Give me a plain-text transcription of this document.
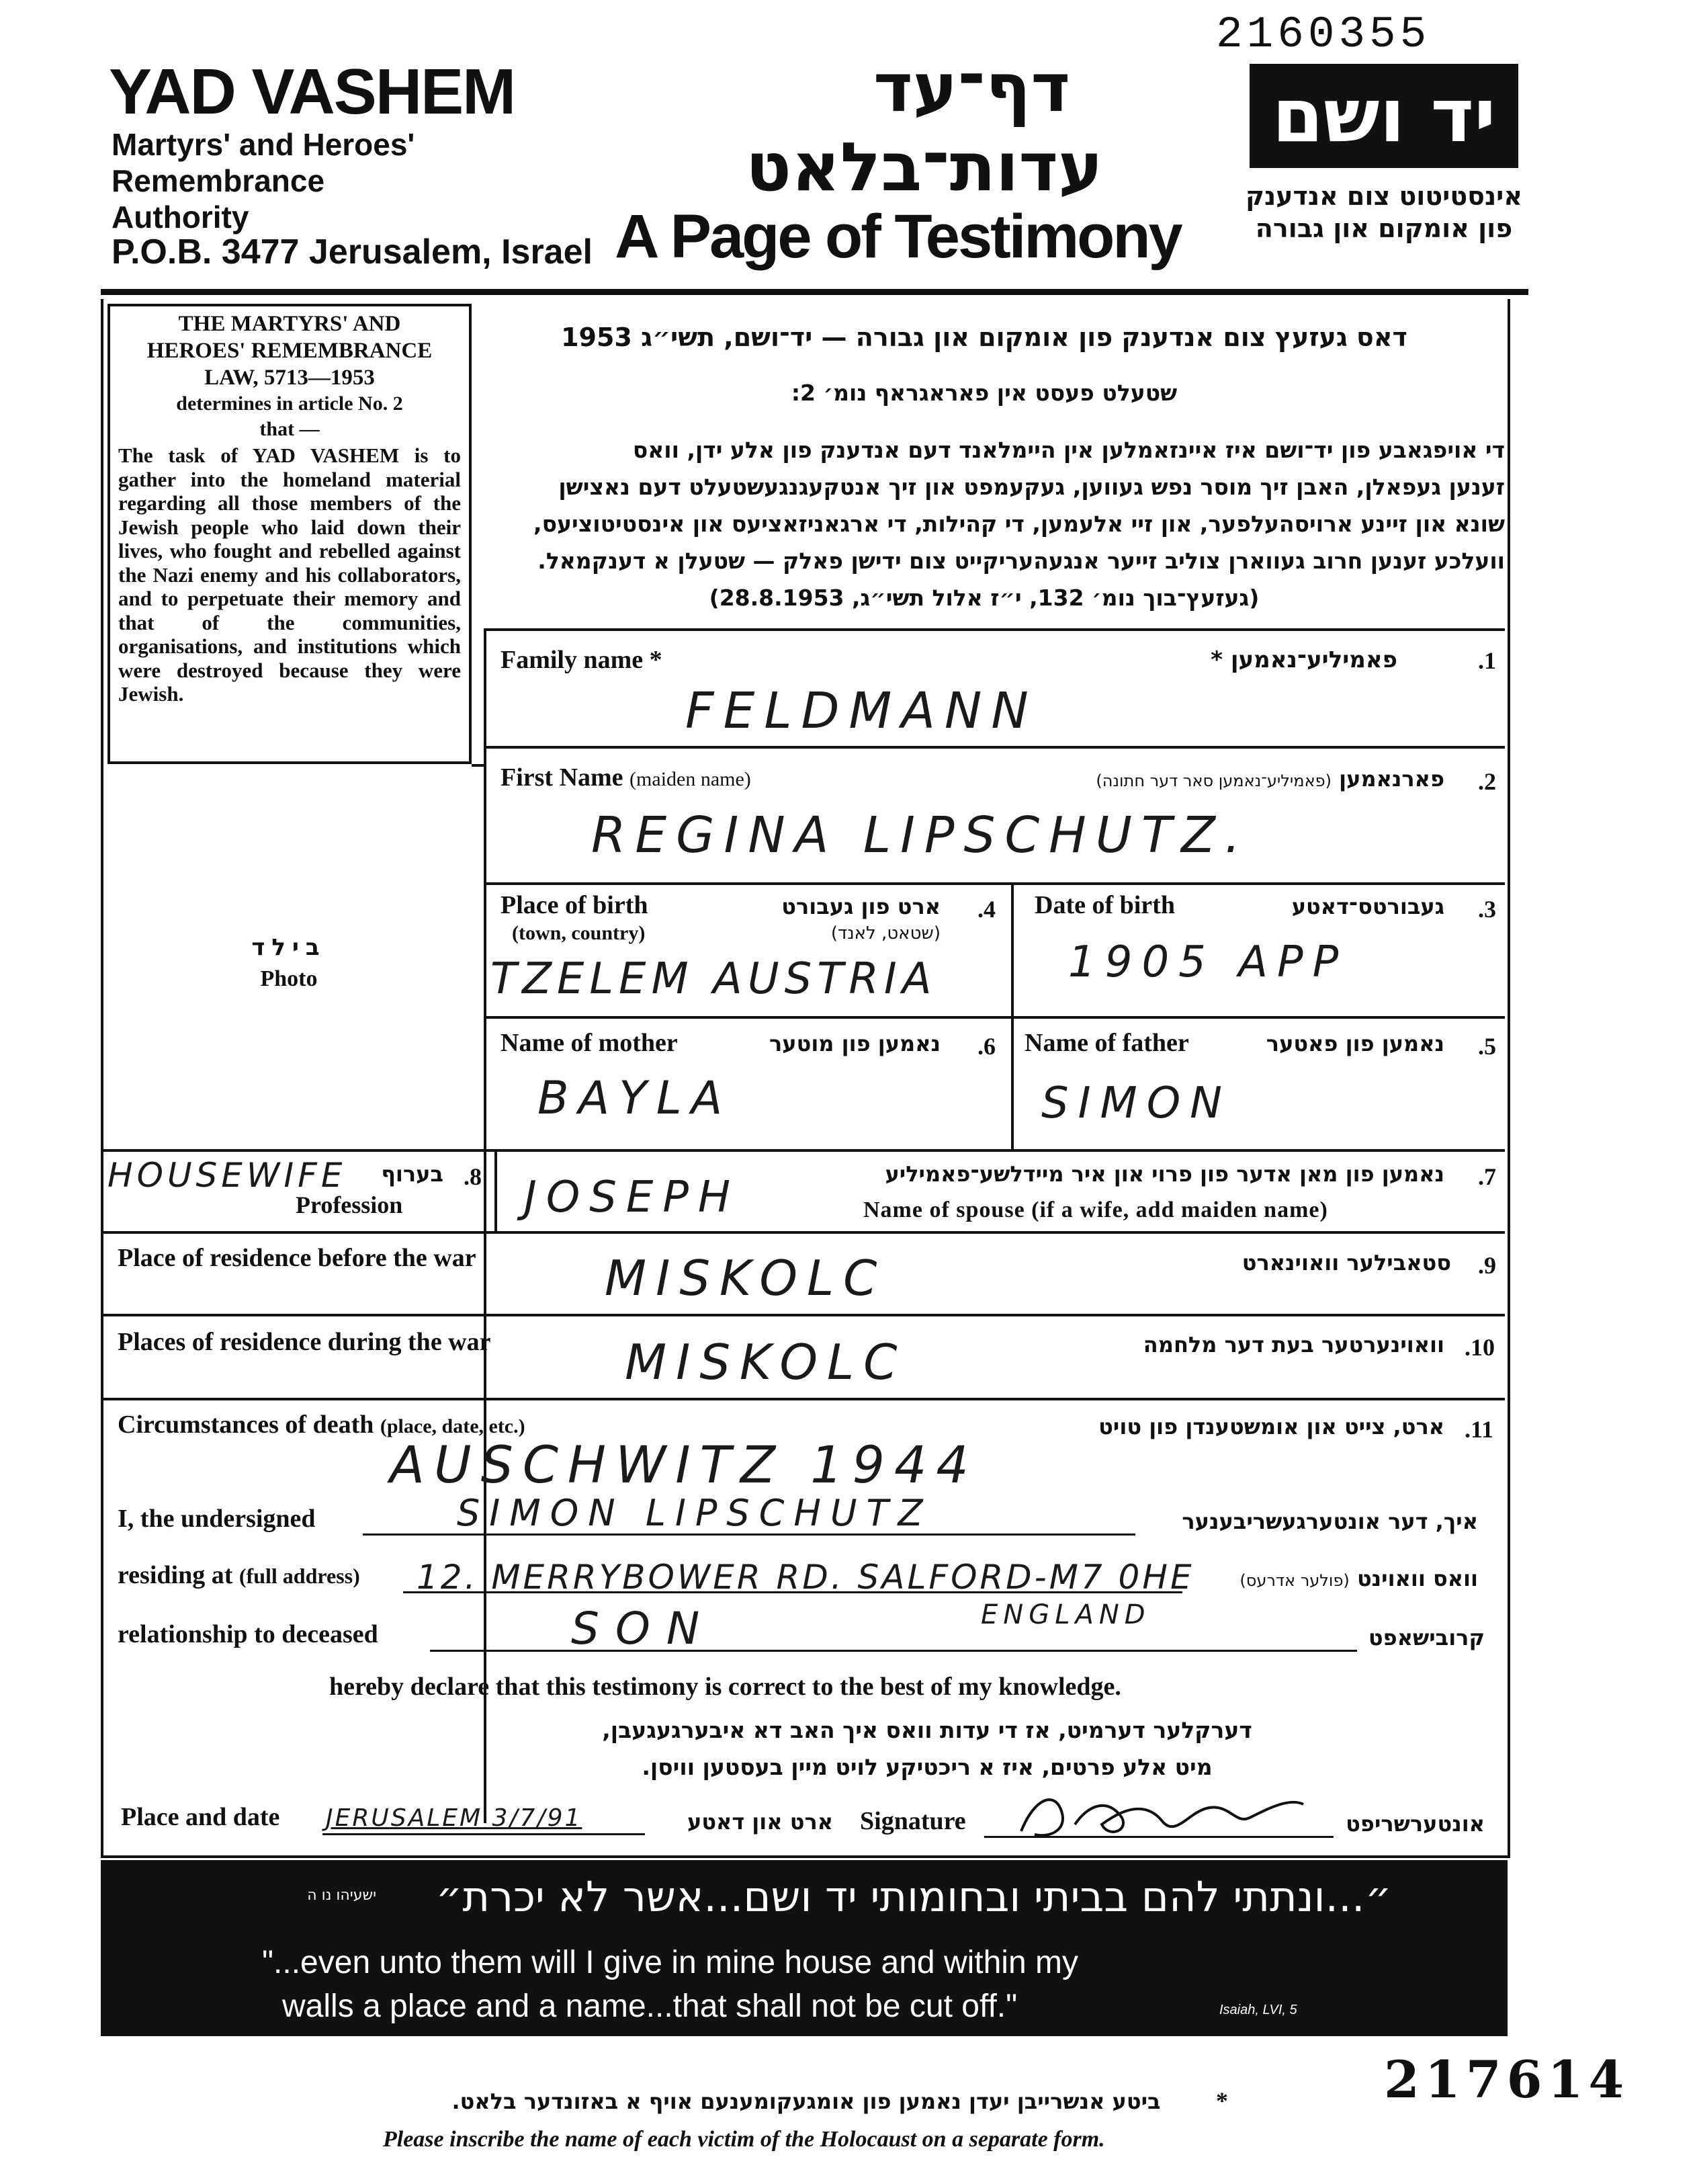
2160355
YAD VASHEM
Martyrs' and Heroes'
Remembrance
Authority
P.O.B. 3477 Jerusalem, Israel
דף־עד
עדות־בלאט
A Page of Testimony
יד ושם
אינסטיטוט צום אנדענק
פון אומקום און גבורה
THE MARTYRS' AND
HEROES' REMEMBRANCE
LAW, 5713—1953
determines in article No. 2
that —
The task of YAD VASHEM is to gather into the homeland material regarding all those members of the Jewish people who laid down their lives, who fought and rebelled against the Nazi enemy and his collaborators, and to perpetuate their memory and that of the communities, organisations, and institutions which were destroyed because they were Jewish.
בילד
Photo
דאס געזעץ צום אנדענק פון אומקום און גבורה — יד־ושם, תשי״ג 1953
שטעלט פעסט אין פאראגראף נומ׳ 2:
די אויפגאבע פון יד־ושם איז איינזאמלען אין היימלאנד דעם אנדענק פון אלע ידן, וואס
זענען געפאלן, האבן זיך מוסר נפש געווען, געקעמפט און זיך אנטקעגנגעשטעלט דעם נאצישן
שונא און זיינע ארויסהעלפער, און זיי אלעמען, די קהילות, די ארגאניזאציעס און אינסטיטוציעס,
וועלכע זענען חרוב געווארן צוליב זייער אנגעהעריקייט צום ידישן פאלק — שטעלן א דענקמאל.
(געזעץ־בוך נומ׳ 132, י״ז אלול תשי״ג, 28.8.1953)
Family name *	פאמיליע־נאמען *	.1
FELDMANN
First Name (maiden name)	פארנאמען (פאמיליע־נאמען סאר דער חתונה)	.2
REGINA LIPSCHUTZ.
Place of birth
(town, country)
ארט פון געבורט
(שטאט, לאנד)
.4
TZELEM AUSTRIA
Date of birth	געבורטס־דאטע .3
1905 APP
Name of mother	נאמען פון מוטער .6
BAYLA
Name of father	נאמען פון פאטער .5
SIMON
HOUSEWIFE	בערוף .8
Profession
נאמען פון מאן אדער פון פרוי און איר מיידלשע־פאמיליע .7
JOSEPH	Name of spouse (if a wife, add maiden name)
Place of residence before the war	סטאבילער וואוינארט .9
MISKOLC
Places of residence during the war	וואוינערטער בעת דער מלחמה .10
MISKOLC
Circumstances of death (place, date, etc.)	ארט, צייט און אומשטענדן פון טויט .11
AUSCHWITZ 1944
I, the undersigned	SIMON LIPSCHUTZ	איך, דער אונטערגעשריבענער
residing at (full address) 12. MERRYBOWER RD. SALFORD-M7 0HE	וואס וואוינט (פולער אדרעס)
relationship to deceased	SON	ENGLAND
קרובישאפט
hereby declare that this testimony is correct to the best of my knowledge.
דערקלער דערמיט, אז די עדות וואס איך האב דא איבערגעגעבן,
מיט אלע פרטים, איז א ריכטיקע לויט מיין בעסטען וויסן.
Place and date JERUSALEM 3/7/91	ארט און דאטע Signature	אונטערשריפט
״...ונתתי להם בביתי ובחומותי יד ושם...אשר לא יכרת״
ישעיהו נו ה
"...even unto them will I give in mine house and within my
walls a place and a name...that shall not be cut off."	Isaiah, LVI, 5
217614
ביטע אנשרייבן יעדן נאמען פון אומגעקומענעם אויף א באזונדער בלאט.	*
Please inscribe the name of each victim of the Holocaust on a separate form.
